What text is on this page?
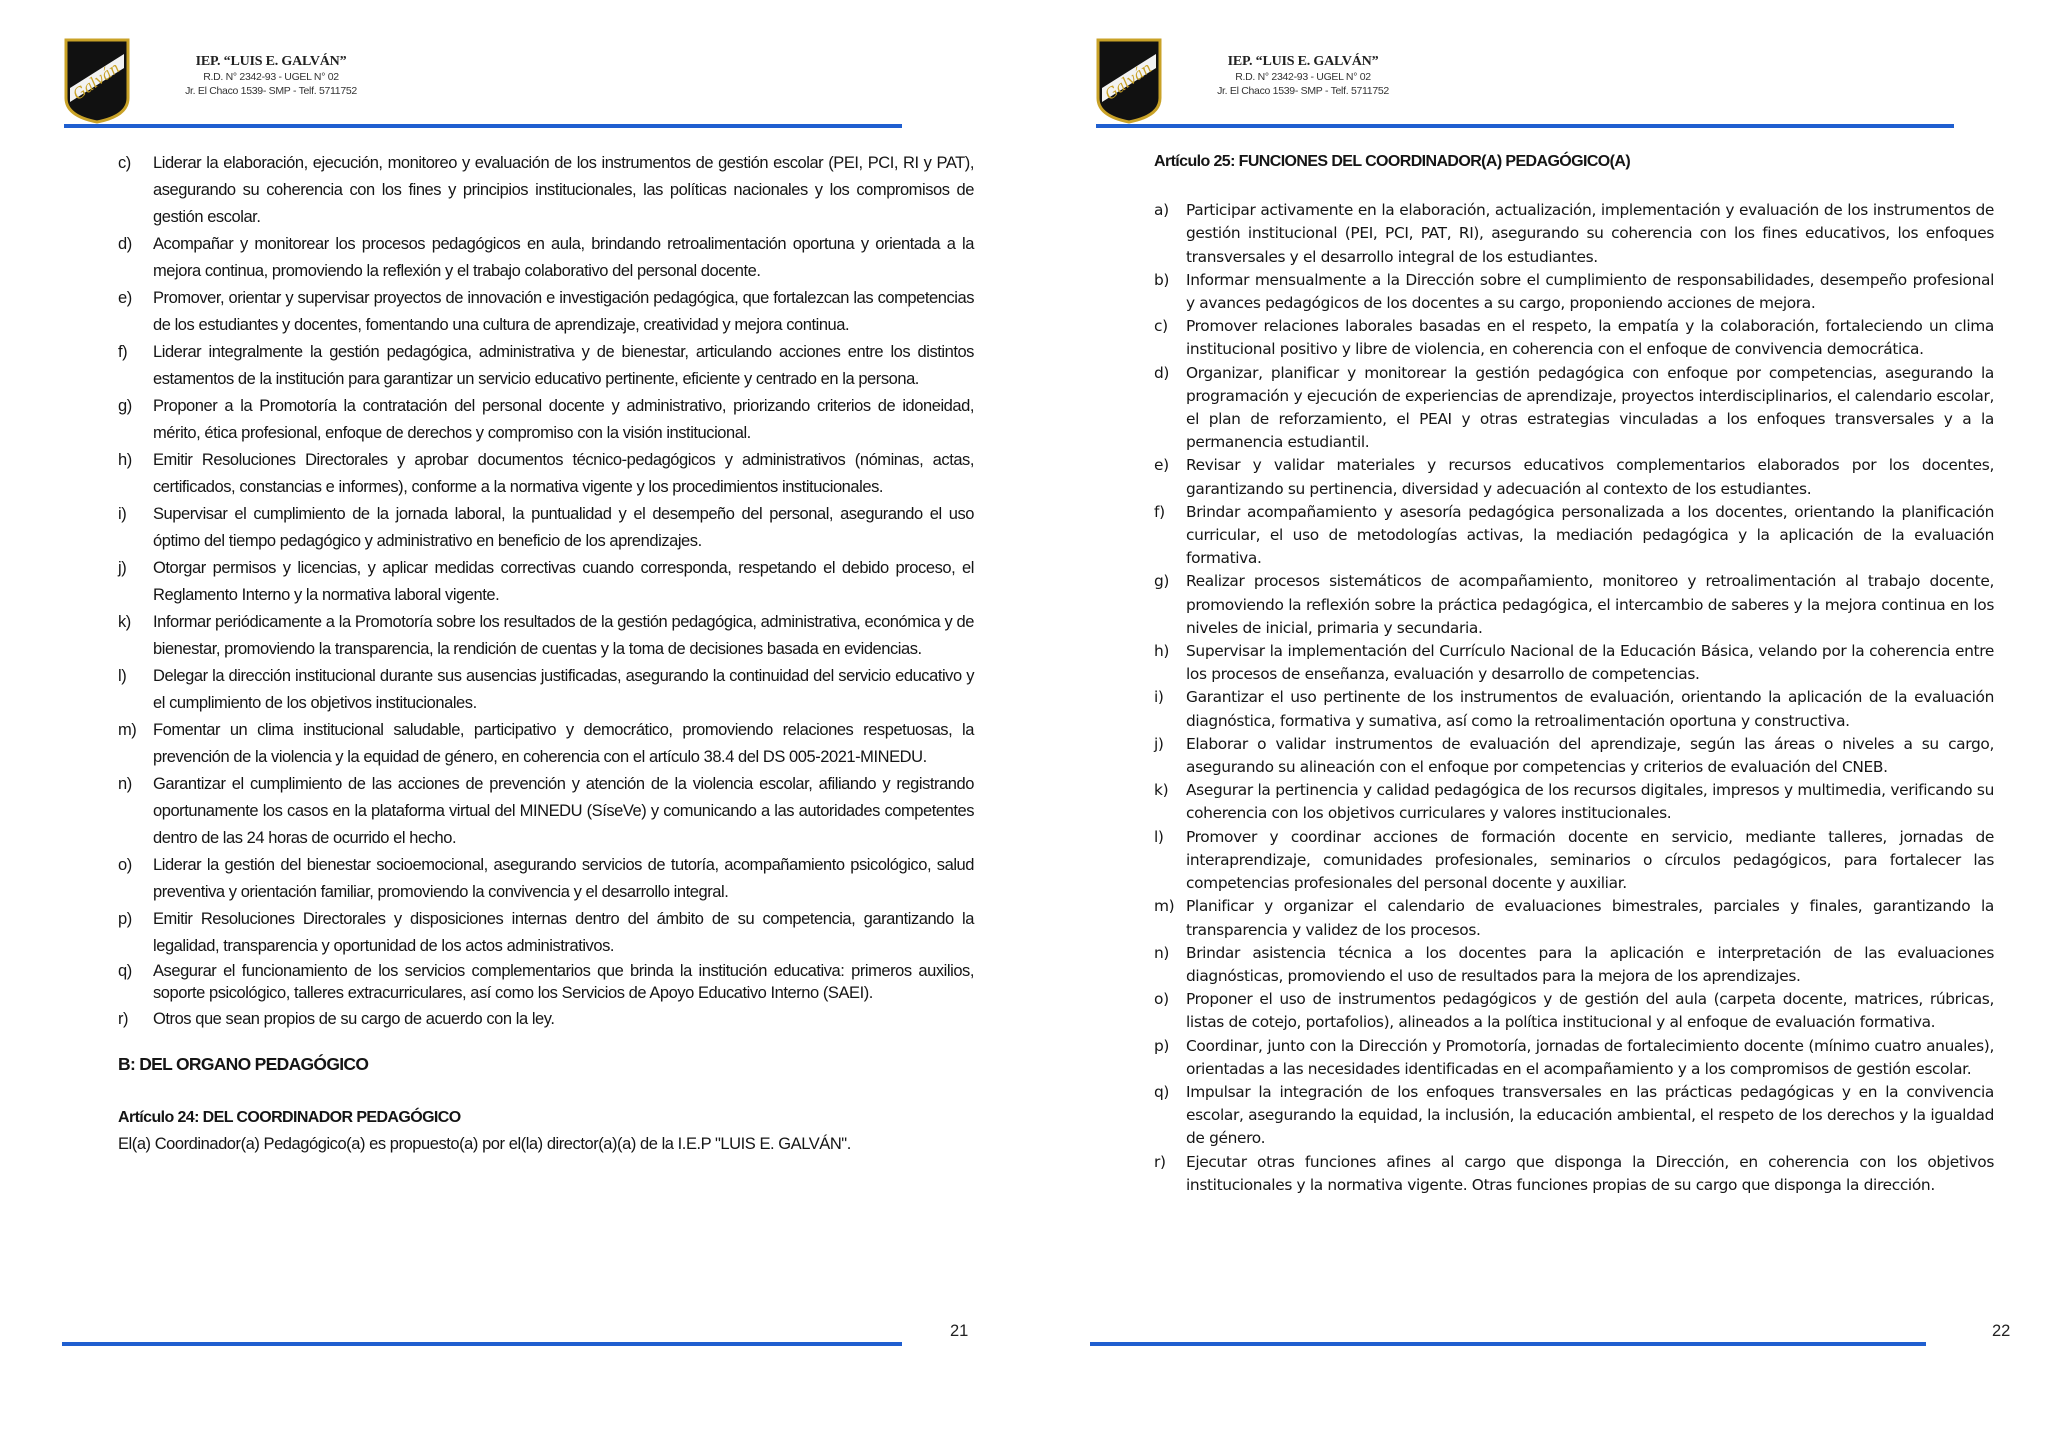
Galván	IEP. “LUIS E. GALVÁN”
R.D. N° 2342-93 - UGEL N° 02
Jr. El Chaco 1539- SMP - Telf. 5711752
c) Liderar la elaboración, ejecución, monitoreo y evaluación de los instrumentos de gestión escolar (PEI, PCI, RI y PAT), asegurando su coherencia con los fines y principios institucionales, las políticas nacionales y los compromisos de gestión escolar.
d) Acompañar y monitorear los procesos pedagógicos en aula, brindando retroalimentación oportuna y orientada a la mejora continua, promoviendo la reflexión y el trabajo colaborativo del personal docente.
e) Promover, orientar y supervisar proyectos de innovación e investigación pedagógica, que fortalezcan las competencias de los estudiantes y docentes, fomentando una cultura de aprendizaje, creatividad y mejora continua.
f) Liderar integralmente la gestión pedagógica, administrativa y de bienestar, articulando acciones entre los distintos estamentos de la institución para garantizar un servicio educativo pertinente, eficiente y centrado en la persona.
g) Proponer a la Promotoría la contratación del personal docente y administrativo, priorizando criterios de idoneidad, mérito, ética profesional, enfoque de derechos y compromiso con la visión institucional.
h) Emitir Resoluciones Directorales y aprobar documentos técnico-pedagógicos y administrativos (nóminas, actas, certificados, constancias e informes), conforme a la normativa vigente y los procedimientos institucionales.
i) Supervisar el cumplimiento de la jornada laboral, la puntualidad y el desempeño del personal, asegurando el uso óptimo del tiempo pedagógico y administrativo en beneficio de los aprendizajes.
j) Otorgar permisos y licencias, y aplicar medidas correctivas cuando corresponda, respetando el debido proceso, el Reglamento Interno y la normativa laboral vigente.
k) Informar periódicamente a la Promotoría sobre los resultados de la gestión pedagógica, administrativa, económica y de bienestar, promoviendo la transparencia, la rendición de cuentas y la toma de decisiones basada en evidencias.
l) Delegar la dirección institucional durante sus ausencias justificadas, asegurando la continuidad del servicio educativo y el cumplimiento de los objetivos institucionales.
m) Fomentar un clima institucional saludable, participativo y democrático, promoviendo relaciones respetuosas, la prevención de la violencia y la equidad de género, en coherencia con el artículo 38.4 del DS 005-2021-MINEDU.
n) Garantizar el cumplimiento de las acciones de prevención y atención de la violencia escolar, afiliando y registrando oportunamente los casos en la plataforma virtual del MINEDU (SíseVe) y comunicando a las autoridades competentes dentro de las 24 horas de ocurrido el hecho.
o) Liderar la gestión del bienestar socioemocional, asegurando servicios de tutoría, acompañamiento psicológico, salud preventiva y orientación familiar, promoviendo la convivencia y el desarrollo integral.
p) Emitir Resoluciones Directorales y disposiciones internas dentro del ámbito de su competencia, garantizando la legalidad, transparencia y oportunidad de los actos administrativos.
q) Asegurar el funcionamiento de los servicios complementarios que brinda la institución educativa: primeros auxilios, soporte psicológico, talleres extracurriculares, así como los Servicios de Apoyo Educativo Interno (SAEI).
r) Otros que sean propios de su cargo de acuerdo con la ley.
B: DEL ORGANO PEDAGÓGICO
Artículo 24: DEL COORDINADOR PEDAGÓGICO
El(a) Coordinador(a) Pedagógico(a) es propuesto(a) por el(la) director(a)(a) de la I.E.P "LUIS E. GALVÁN".
21
Galván	IEP. “LUIS E. GALVÁN”
R.D. N° 2342-93 - UGEL N° 02
Jr. El Chaco 1539- SMP - Telf. 5711752
Artículo 25: FUNCIONES DEL COORDINADOR(A) PEDAGÓGICO(A)
a) Participar activamente en la elaboración, actualización, implementación y evaluación de los instrumentos de gestión institucional (PEI, PCI, PAT, RI), asegurando su coherencia con los fines educativos, los enfoques transversales y el desarrollo integral de los estudiantes.
b) Informar mensualmente a la Dirección sobre el cumplimiento de responsabilidades, desempeño profesional y avances pedagógicos de los docentes a su cargo, proponiendo acciones de mejora.
c) Promover relaciones laborales basadas en el respeto, la empatía y la colaboración, fortaleciendo un clima institucional positivo y libre de violencia, en coherencia con el enfoque de convivencia democrática.
d) Organizar, planificar y monitorear la gestión pedagógica con enfoque por competencias, asegurando la programación y ejecución de experiencias de aprendizaje, proyectos interdisciplinarios, el calendario escolar, el plan de reforzamiento, el PEAI y otras estrategias vinculadas a los enfoques transversales y a la permanencia estudiantil.
e) Revisar y validar materiales y recursos educativos complementarios elaborados por los docentes, garantizando su pertinencia, diversidad y adecuación al contexto de los estudiantes.
f) Brindar acompañamiento y asesoría pedagógica personalizada a los docentes, orientando la planificación curricular, el uso de metodologías activas, la mediación pedagógica y la aplicación de la evaluación formativa.
g) Realizar procesos sistemáticos de acompañamiento, monitoreo y retroalimentación al trabajo docente, promoviendo la reflexión sobre la práctica pedagógica, el intercambio de saberes y la mejora continua en los niveles de inicial, primaria y secundaria.
h) Supervisar la implementación del Currículo Nacional de la Educación Básica, velando por la coherencia entre los procesos de enseñanza, evaluación y desarrollo de competencias.
i) Garantizar el uso pertinente de los instrumentos de evaluación, orientando la aplicación de la evaluación diagnóstica, formativa y sumativa, así como la retroalimentación oportuna y constructiva.
j) Elaborar o validar instrumentos de evaluación del aprendizaje, según las áreas o niveles a su cargo, asegurando su alineación con el enfoque por competencias y criterios de evaluación del CNEB.
k) Asegurar la pertinencia y calidad pedagógica de los recursos digitales, impresos y multimedia, verificando su coherencia con los objetivos curriculares y valores institucionales.
l) Promover y coordinar acciones de formación docente en servicio, mediante talleres, jornadas de interaprendizaje, comunidades profesionales, seminarios o círculos pedagógicos, para fortalecer las competencias profesionales del personal docente y auxiliar.
m) Planificar y organizar el calendario de evaluaciones bimestrales, parciales y finales, garantizando la transparencia y validez de los procesos.
n) Brindar asistencia técnica a los docentes para la aplicación e interpretación de las evaluaciones diagnósticas, promoviendo el uso de resultados para la mejora de los aprendizajes.
o) Proponer el uso de instrumentos pedagógicos y de gestión del aula (carpeta docente, matrices, rúbricas, listas de cotejo, portafolios), alineados a la política institucional y al enfoque de evaluación formativa.
p) Coordinar, junto con la Dirección y Promotoría, jornadas de fortalecimiento docente (mínimo cuatro anuales), orientadas a las necesidades identificadas en el acompañamiento y a los compromisos de gestión escolar.
q) Impulsar la integración de los enfoques transversales en las prácticas pedagógicas y en la convivencia escolar, asegurando la equidad, la inclusión, la educación ambiental, el respeto de los derechos y la igualdad de género.
r) Ejecutar otras funciones afines al cargo que disponga la Dirección, en coherencia con los objetivos institucionales y la normativa vigente. Otras funciones propias de su cargo que disponga la dirección.
22
